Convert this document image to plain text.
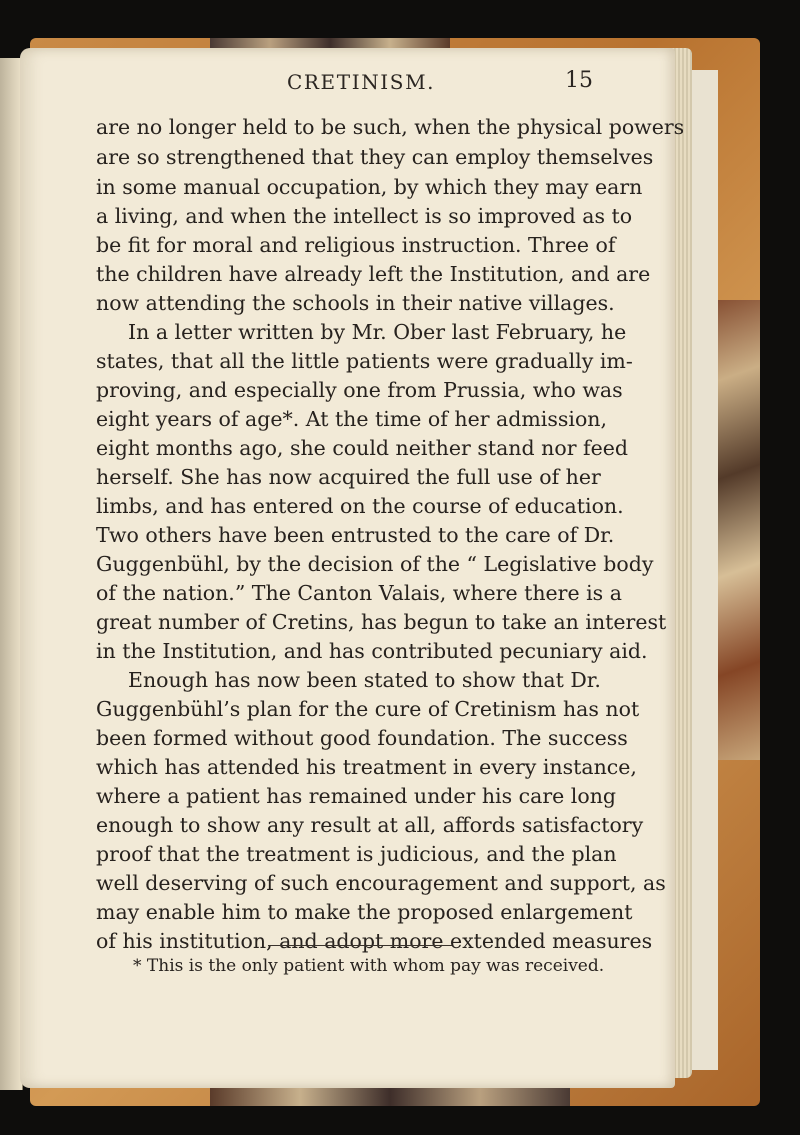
CRETINISM.	15
are no longer held to be such, when the physical powers
are so strengthened that they can employ themselves
in some manual occupation, by which they may earn
a living, and when the intellect is so improved as to
be fit for moral and religious instruction. Three of
the children have already left the Institution, and are
now attending the schools in their native villages.
In a letter written by Mr. Ober last February, he
states, that all the little patients were gradually im-
proving, and especially one from Prussia, who was
eight years of age*. At the time of her admission,
eight months ago, she could neither stand nor feed
herself. She has now acquired the full use of her
limbs, and has entered on the course of education.
Two others have been entrusted to the care of Dr.
Guggenbühl, by the decision of the “ Legislative body
of the nation.” The Canton Valais, where there is a
great number of Cretins, has begun to take an interest
in the Institution, and has contributed pecuniary aid.
Enough has now been stated to show that Dr.
Guggenbühl’s plan for the cure of Cretinism has not
been formed without good foundation. The success
which has attended his treatment in every instance,
where a patient has remained under his care long
enough to show any result at all, affords satisfactory
proof that the treatment is judicious, and the plan
well deserving of such encouragement and support, as
may enable him to make the proposed enlargement
of his institution, and adopt more extended measures
* This is the only patient with whom pay was received.
